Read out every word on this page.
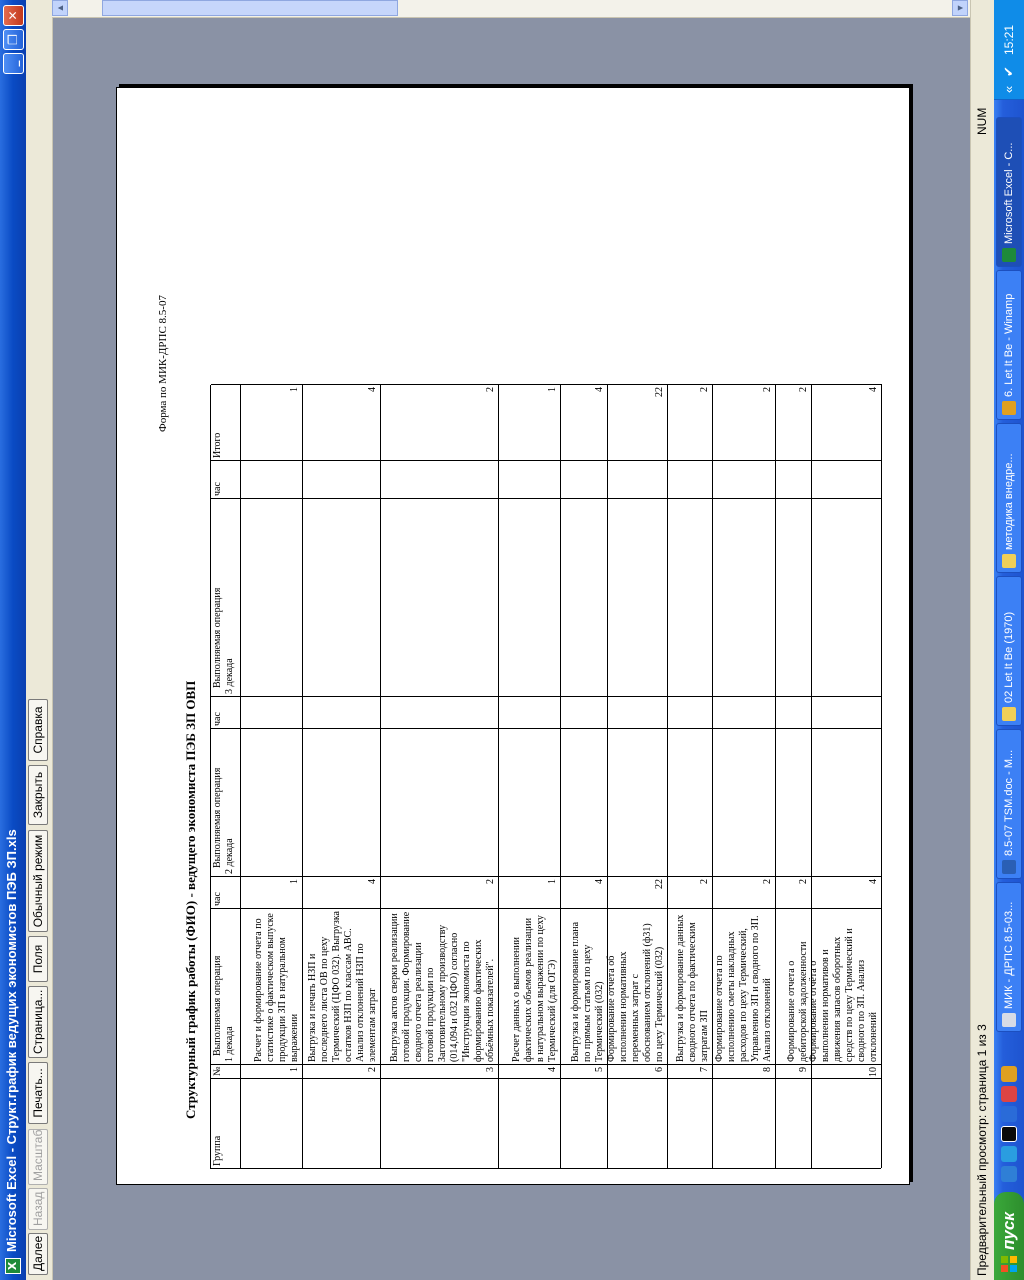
X
Microsoft Excel - Структ.график ведущих экономистов ПЭБ ЗП.xls
_
❐
✕
Далее
Назад
Масштаб
Печать...
Страница...
Поля
Обычный режим
Закрыть
Справка
Форма по МИК-ДРПС 8.5-07
Структурный график работы (ФИО) - ведущего экономиста ПЭБ ЗП ОВП
Группа
№
Выполняемая операция 1 декада
час
Выполняемая операция 2 декада
час
Выполняемая операция 3 декада
час
Итого
1
Расчет и формирование отчета по статистике о фактическом выпуске продукции ЗП в натуральном выражении
1
1
2
Выгрузка и печать НЗП и последнего листа ОВ по цеху Термический (ЦФО 032). Выгрузка остатков НЗП по классам АВС. Анализ отклонений НЗП по элементам затрат
4
4
3
Выгрузка актов сверки реализации готовой продукции. Формирование сводного отчета реализации готовой продукции по Заготовительному производству (014,094 и 032 ЦФО) согласно "Инструкции экономиста по формированию фактических объёмных показателей".
2
2
4
Расчет данных о выполнении фактических объемов реализации в натуральном выражении по цеху Термический (для ОГЭ)
1
1
5
Выгрузка и формирование плана по прямым статьям по цеху Термический (032)
4
4
6
Формирование отчета об исполнении нормативных переменных затрат с обоснованием отклонений (ф31) по цеху Термический (032)
22
22
7
Выгрузка и формирование данных сводного отчета по фактическим затратам ЗП
2
2
8
Формирование отчета по исполнению сметы накладных расходов по цеху Термический, Управлению ЗП и сводного по ЗП. Анализ отклонений
2
2
9
Формирование отчета о дебиторской задолженности
2
2
10
Формирование отчёта о выполнении нормативов и движения запасов оборотных средств по цеху Термический и сводного по ЗП. Анализ отклонений
4
4
▲	▼
Предварительный просмотр: страница 1 из 3
NUM
пуск
МИК - ДРПС 8.5-03...
8.5-07 TSM.doc - M...
02 Let It Be (1970)
методика внедре...
6. Let It Be - Winamp
Microsoft Excel - C...
«
✔
15:21
